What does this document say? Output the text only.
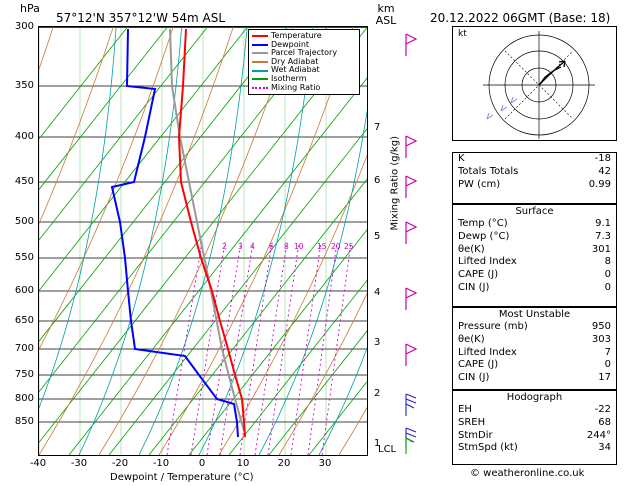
hPa
57°12'N 357°12'W 54m ASL
km
ASL	20.12.2022 06GMT (Base: 18)
1 2 3 4 6 8 10 15 20 25
300
350
400
450
500
550
600
650
700
750
800
850
-40	-30	-20	-10	0	10	20	30
Dewpoint / Temperature (°C)
Temperature
Dewpoint
Parcel Trajectory
Dry Adiabat
Wet Adiabat
Isotherm
Mixing Ratio
Mixing Ratio (g/kg)
7
6
5
4
3
2
1
LCL
kt
K	-18
Totals Totals	42
PW (cm)	0.99
Surface
Temp (°C)	9.1
Dewp (°C)	7.3
θe(K)	301
Lifted Index	8
CAPE (J)	0
CIN (J)	0
Most Unstable
Pressure (mb)	950
θe(K)	303
Lifted Index	7
CAPE (J)	0
CIN (J)	17
Hodograph
EH	-22
SREH	68
StmDir	244°
StmSpd (kt)	34
© weatheronline.co.uk
